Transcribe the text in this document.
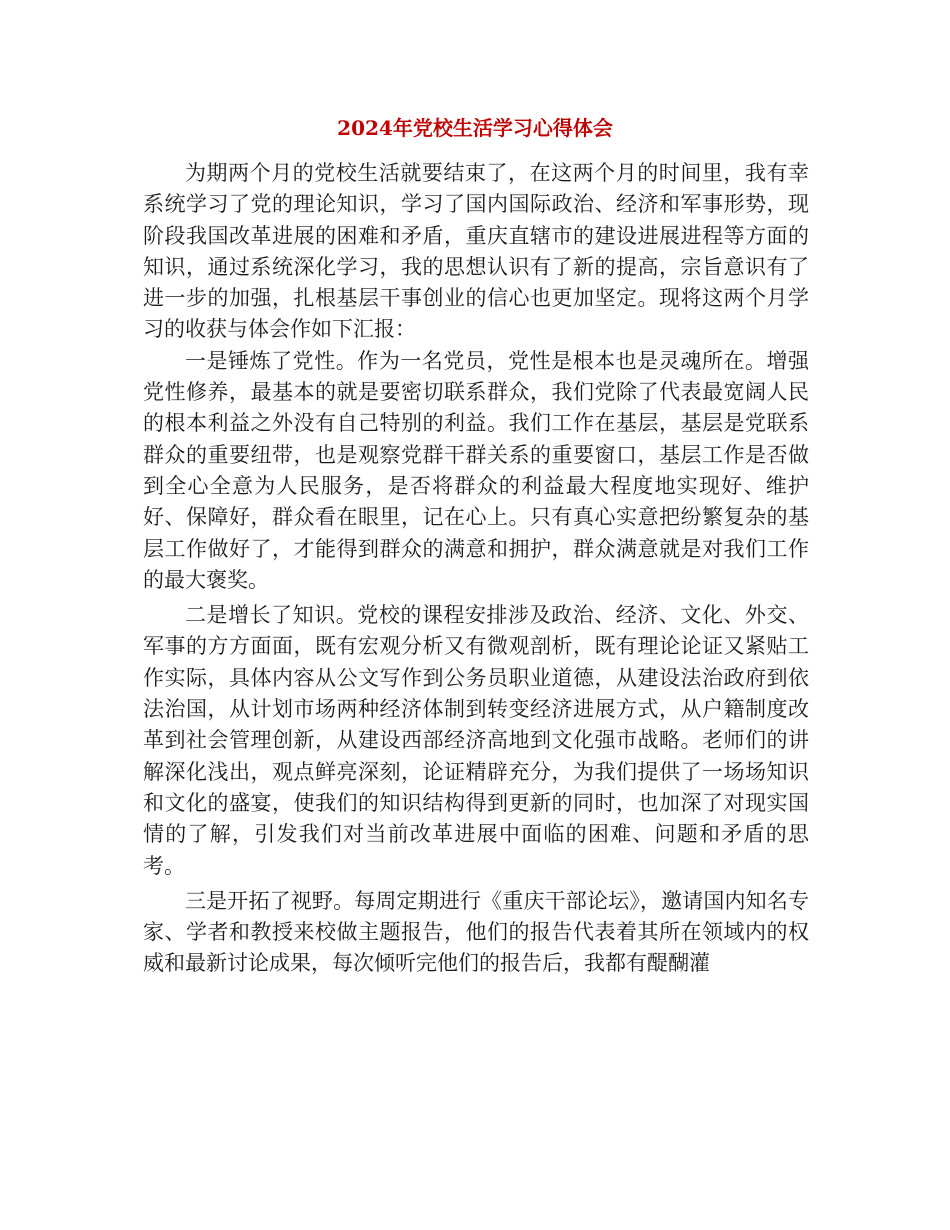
2024年党校生活学习心得体会

为期两个月的党校生活就要结束了，在这两个月的时间里，我有幸系统学习了党的理论知识，学习了国内国际政治、经济和军事形势，现阶段我国改革进展的困难和矛盾，重庆直辖市的建设进展进程等方面的知识，通过系统深化学习，我的思想认识有了新的提高，宗旨意识有了进一步的加强，扎根基层干事创业的信心也更加坚定。现将这两个月学习的收获与体会作如下汇报：

一是锤炼了党性。作为一名党员，党性是根本也是灵魂所在。增强党性修养，最基本的就是要密切联系群众，我们党除了代表最宽阔人民的根本利益之外没有自己特别的利益。我们工作在基层，基层是党联系群众的重要纽带，也是观察党群干群关系的重要窗口，基层工作是否做到全心全意为人民服务，是否将群众的利益最大程度地实现好、维护好、保障好，群众看在眼里，记在心上。只有真心实意把纷繁复杂的基层工作做好了，才能得到群众的满意和拥护，群众满意就是对我们工作的最大褒奖。

二是增长了知识。党校的课程安排涉及政治、经济、文化、外交、军事的方方面面，既有宏观分析又有微观剖析，既有理论论证又紧贴工作实际，具体内容从公文写作到公务员职业道德，从建设法治政府到依法治国，从计划市场两种经济体制到转变经济进展方式，从户籍制度改革到社会管理创新，从建设西部经济高地到文化强市战略。老师们的讲解深化浅出，观点鲜亮深刻，论证精辟充分，为我们提供了一场场知识和文化的盛宴，使我们的知识结构得到更新的同时，也加深了对现实国情的了解，引发我们对当前改革进展中面临的困难、问题和矛盾的思考。

三是开拓了视野。每周定期进行《重庆干部论坛》，邀请国内知名专家、学者和教授来校做主题报告，他们的报告代表着其所在领域内的权威和最新讨论成果，每次倾听完他们的报告后，我都有醍醐灌
